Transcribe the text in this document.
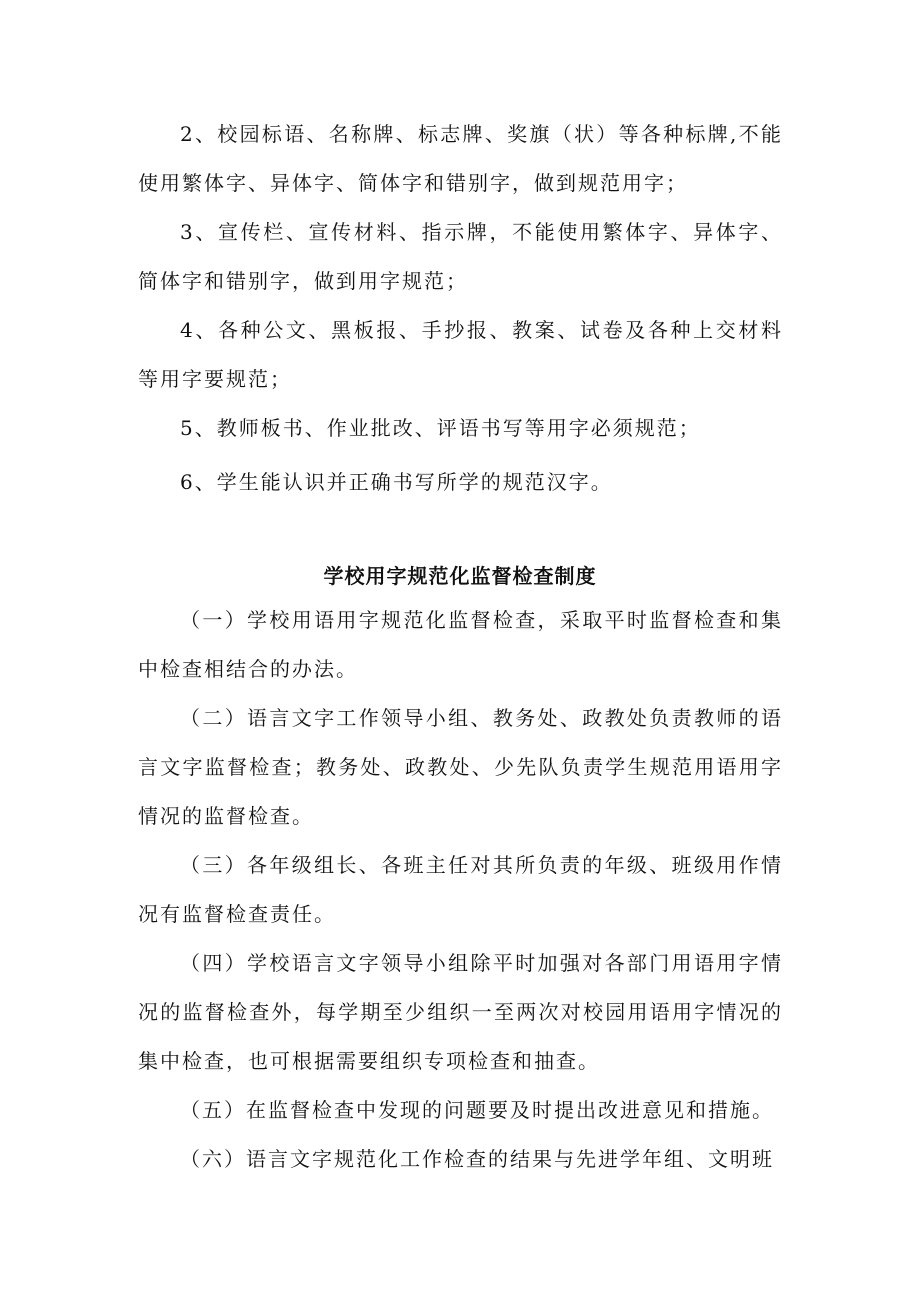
2、校园标语、名称牌、标志牌、奖旗（状）等各种标牌,不能使用繁体字、异体字、简体字和错别字，做到规范用字；

3、宣传栏、宣传材料、指示牌，不能使用繁体字、异体字、简体字和错别字，做到用字规范；

4、各种公文、黑板报、手抄报、教案、试卷及各种上交材料等用字要规范；

5、教师板书、作业批改、评语书写等用字必须规范；

6、学生能认识并正确书写所学的规范汉字。

学校用字规范化监督检查制度

（一）学校用语用字规范化监督检查，采取平时监督检查和集中检查相结合的办法。

（二）语言文字工作领导小组、教务处、政教处负责教师的语言文字监督检查；教务处、政教处、少先队负责学生规范用语用字情况的监督检查。

（三）各年级组长、各班主任对其所负责的年级、班级用作情况有监督检查责任。

（四）学校语言文字领导小组除平时加强对各部门用语用字情况的监督检查外，每学期至少组织一至两次对校园用语用字情况的集中检查，也可根据需要组织专项检查和抽查。

（五）在监督检查中发现的问题要及时提出改进意见和措施。

（六）语言文字规范化工作检查的结果与先进学年组、文明班
